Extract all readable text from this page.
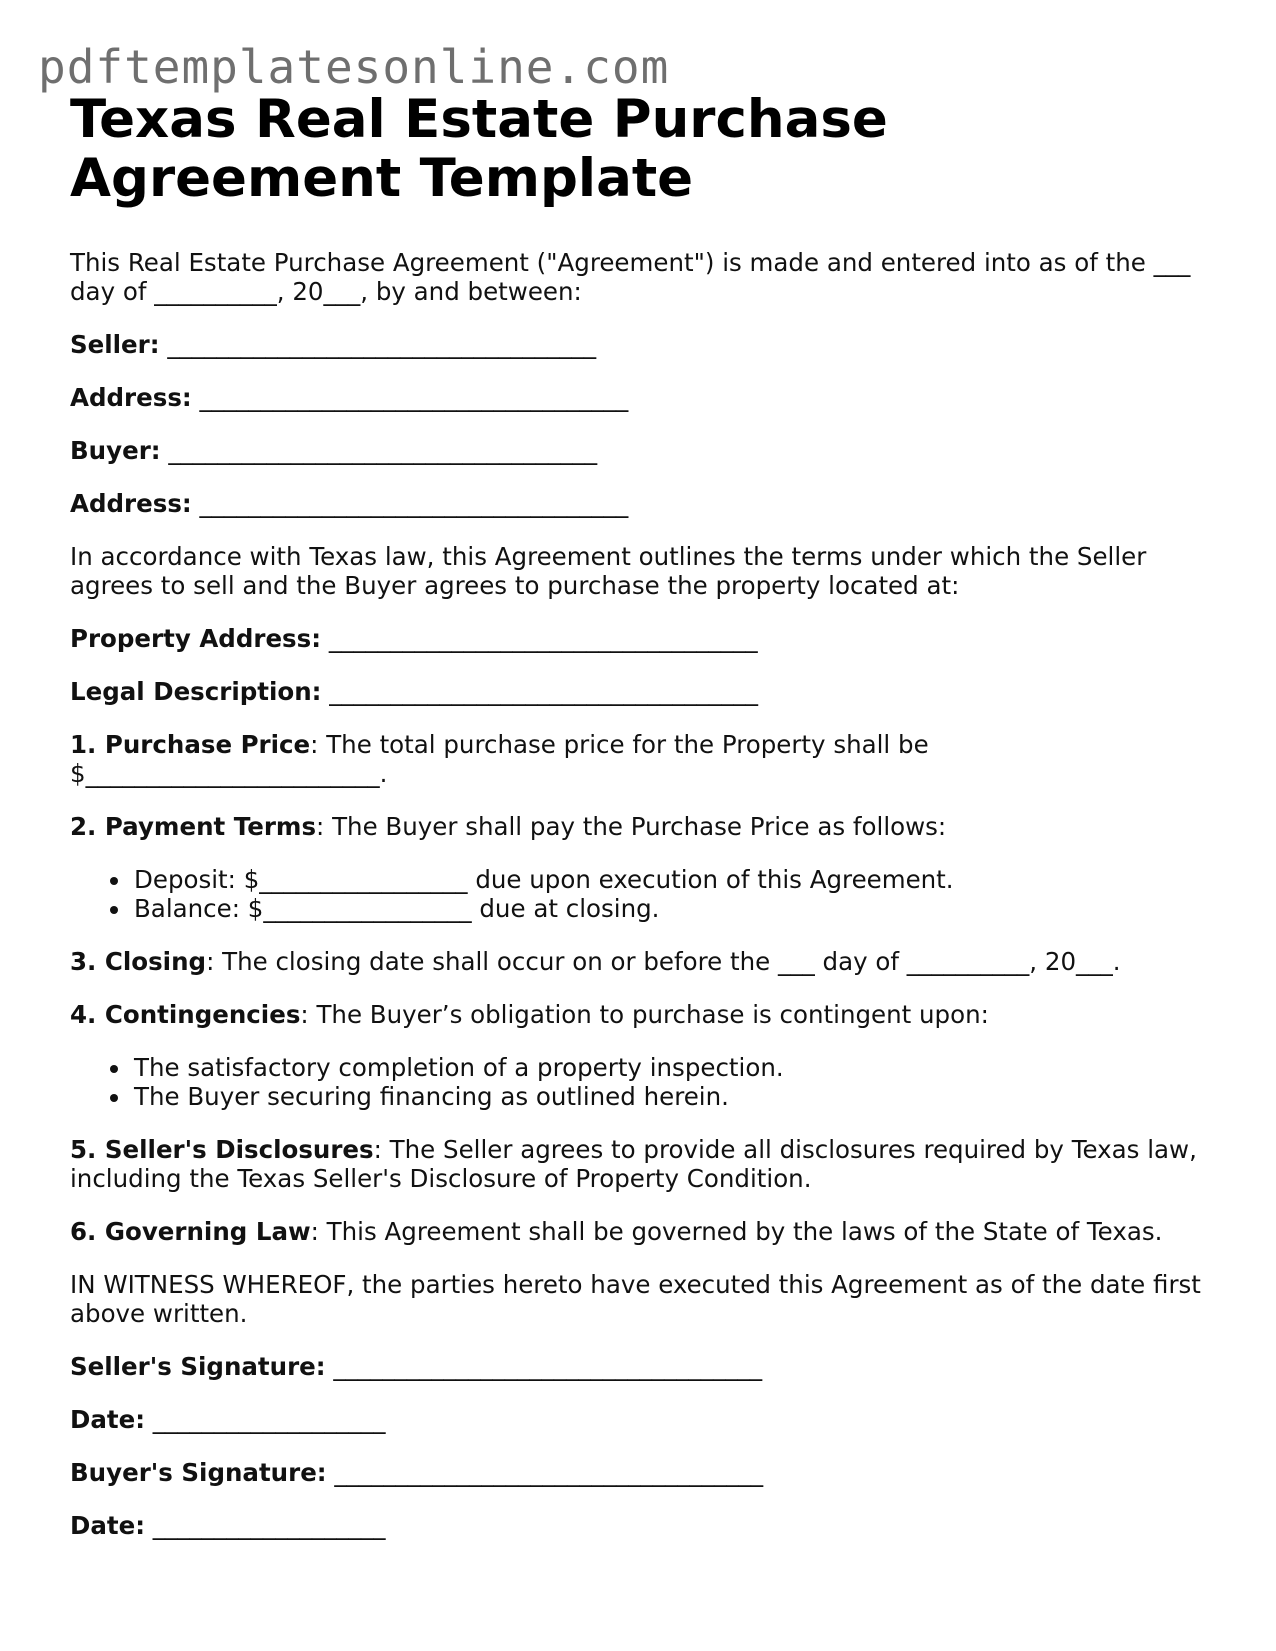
pdftemplatesonline.com
Texas Real Estate Purchase Agreement Template

This Real Estate Purchase Agreement ("Agreement") is made and entered into as of the ___ day of __________, 20___, by and between:

Seller: ___________________________________

Address: ___________________________________

Buyer: ___________________________________

Address: ___________________________________

In accordance with Texas law, this Agreement outlines the terms under which the Seller agrees to sell and the Buyer agrees to purchase the property located at:

Property Address: ___________________________________

Legal Description: ___________________________________

1. Purchase Price: The total purchase price for the Property shall be $________________________.

2. Payment Terms: The Buyer shall pay the Purchase Price as follows:

• Deposit: $_________________ due upon execution of this Agreement.
• Balance: $_________________ due at closing.

3. Closing: The closing date shall occur on or before the ___ day of __________, 20___.

4. Contingencies: The Buyer’s obligation to purchase is contingent upon:

• The satisfactory completion of a property inspection.
• The Buyer securing financing as outlined herein.

5. Seller's Disclosures: The Seller agrees to provide all disclosures required by Texas law, including the Texas Seller's Disclosure of Property Condition.

6. Governing Law: This Agreement shall be governed by the laws of the State of Texas.

IN WITNESS WHEREOF, the parties hereto have executed this Agreement as of the date first above written.

Seller's Signature: ___________________________________

Date: ___________________

Buyer's Signature: ___________________________________

Date: ___________________
